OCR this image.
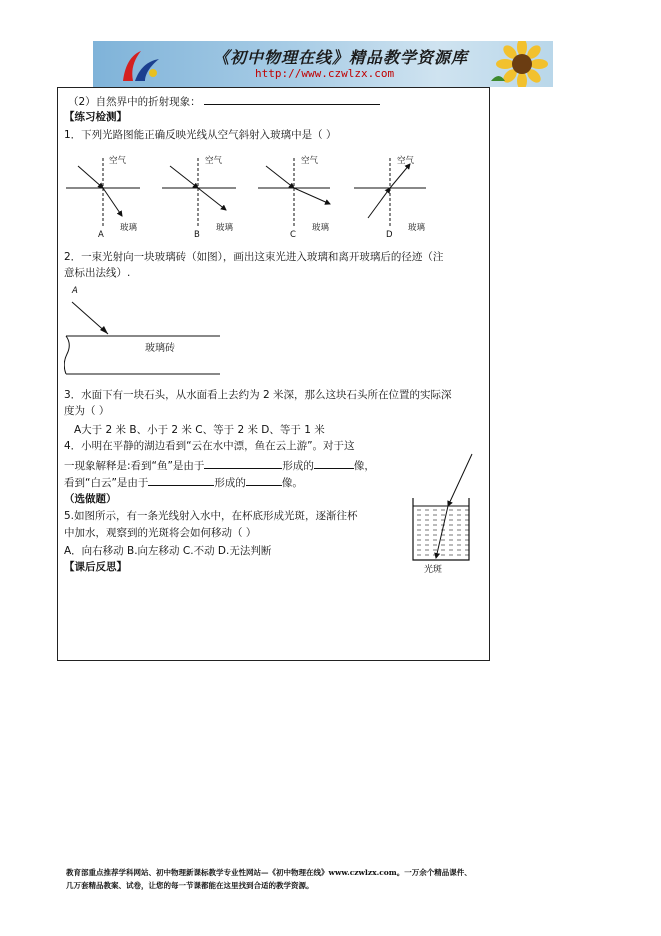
《初中物理在线》精品教学资源库
http://www.czwlzx.com
（2）自然界中的折射现象：
【练习检测】
1．下列光路图能正确反映光线从空气斜射入玻璃中是（ ）
空气	空气	空气	空气
玻璃	玻璃	玻璃	玻璃
A	B	C	D
2．一束光射向一块玻璃砖（如图），画出这束光进入玻璃和离开玻璃后的径迹（注
意标出法线）.
A
玻璃砖
3．水面下有一块石头，从水面看上去约为 2 米深，那么这块石头所在位置的实际深
度为（ ）
A大于 2 米 B、小于 2 米 C、等于 2 米 D、等于 1 米
4．小明在平静的湖边看到“云在水中漂，鱼在云上游”。对于这
一现象解释是:看到“鱼”是由于	形成的	像，
看到“白云”是由于	形成的	像。
（选做题）
5.如图所示，有一条光线射入水中，在杯底形成光斑，逐渐往杯
中加水，观察到的光斑将会如何移动（ ）
A．向右移动 B.向左移动 C.不动 D.无法判断
【课后反思】	光斑
教育部重点推荐学科网站、初中物理新课标教学专业性网站—《初中物理在线》www.czwlzx.com。一万余个精品课件、
几万套精品教案、试卷，让您的每一节课都能在这里找到合适的教学资源。
